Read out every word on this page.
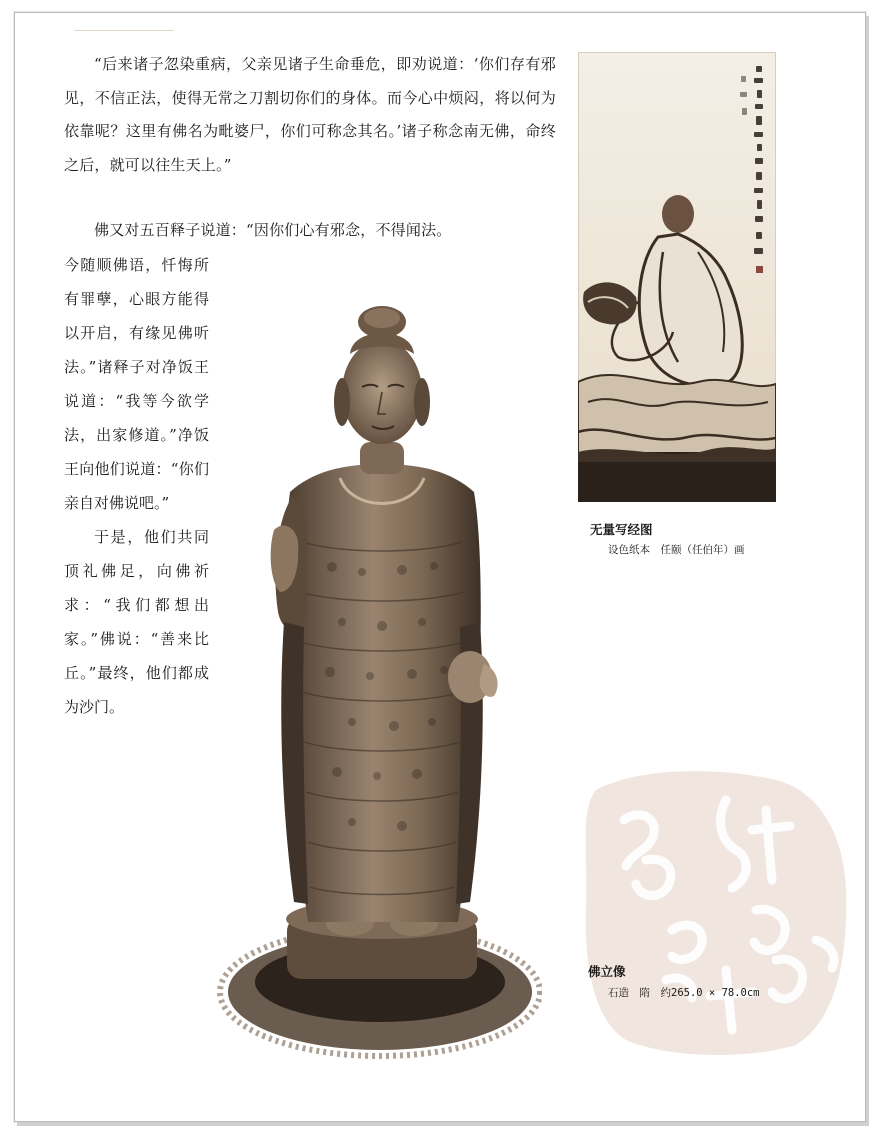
“后来诸子忽染重病，父亲见诸子生命垂危，即劝说道：‘你们存有邪见，不信正法，使得无常之刀割切你们的身体。而今心中烦闷，将以何为依靠呢？这里有佛名为毗婆尸，你们可称念其名。’诸子称念南无佛，命终之后，就可以往生天上。”

佛又对五百释子说道：“因你们心有邪念，不得闻法。

今随顺佛语，忏悔所有罪孽，心眼方能得以开启，有缘见佛听法。”诸释子对净饭王说道：“我等今欲学法，出家修道。”净饭王向他们说道：“你们亲自对佛说吧。”

于是，他们共同顶礼佛足，向佛祈求：“我们都想出家。”佛说：“善来比丘。”最终，他们都成为沙门。

无量写经图
设色纸本　任颐（任伯年）画
佛立像
石造　隋　约265.0 × 78.0cm
